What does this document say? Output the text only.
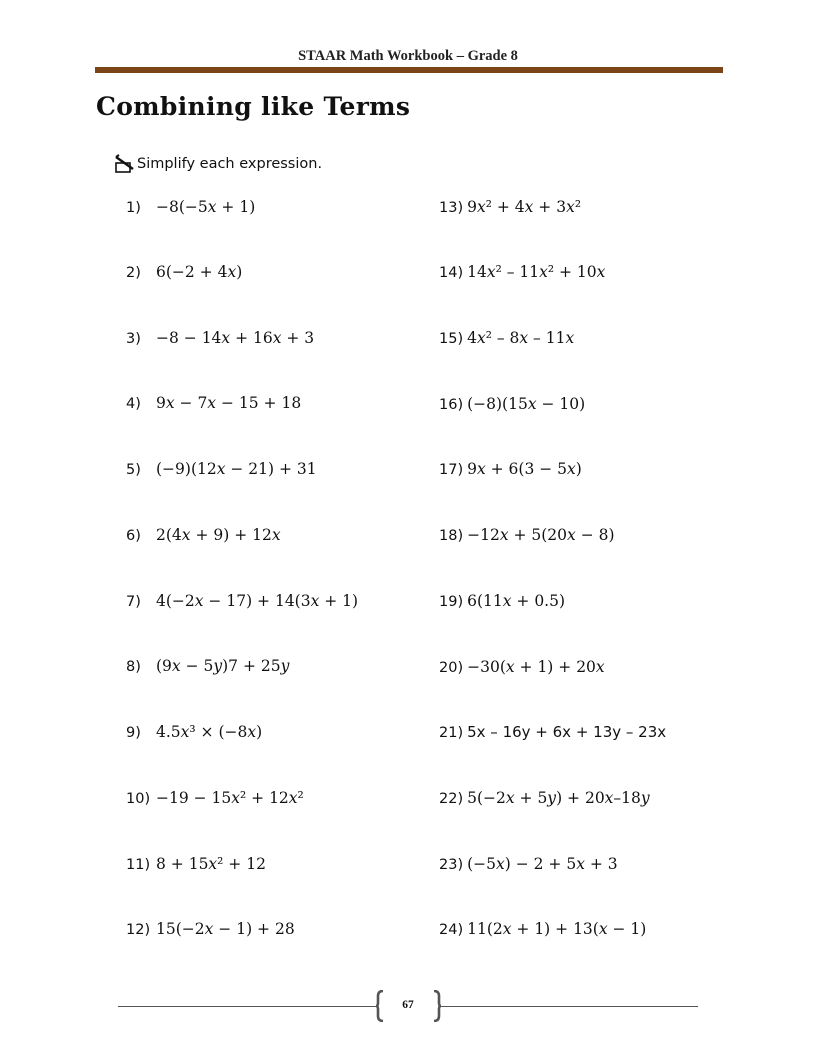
STAAR Math Workbook – Grade 8
Combining like Terms
Simplify each expression.
1) −8(−5𝑥 + 1)
2) 6(−2 + 4𝑥)
3) −8 − 14𝑥 + 16𝑥 + 3
4) 9𝑥 − 7𝑥 − 15 + 18
5) (−9)(12𝑥 − 21) + 31
6) 2(4𝑥 + 9) + 12𝑥
7) 4(−2𝑥 − 17) + 14(3𝑥 + 1)
8) (9𝑥 − 5𝑦)7 + 25𝑦
9) 4.5𝑥³ × (−8𝑥)
10) −19 − 15𝑥² + 12𝑥²
11) 8 + 15𝑥² + 12
12) 15(−2𝑥 − 1) + 28
13) 9𝑥² + 4𝑥 + 3𝑥²
14) 14𝑥² – 11𝑥² + 10𝑥
15) 4𝑥² – 8𝑥 – 11𝑥
16) (−8)(15𝑥 − 10)
17) 9𝑥 + 6(3 − 5𝑥)
18) −12𝑥 + 5(20𝑥 − 8)
19) 6(11𝑥 + 0.5)
20) −30(𝑥 + 1) + 20𝑥
21) 5x – 16y + 6x + 13y – 23x
22) 5(−2𝑥 + 5𝑦) + 20𝑥–18𝑦
23) (−5𝑥) − 2 + 5𝑥 + 3
24) 11(2𝑥 + 1) + 13(𝑥 − 1)
67
